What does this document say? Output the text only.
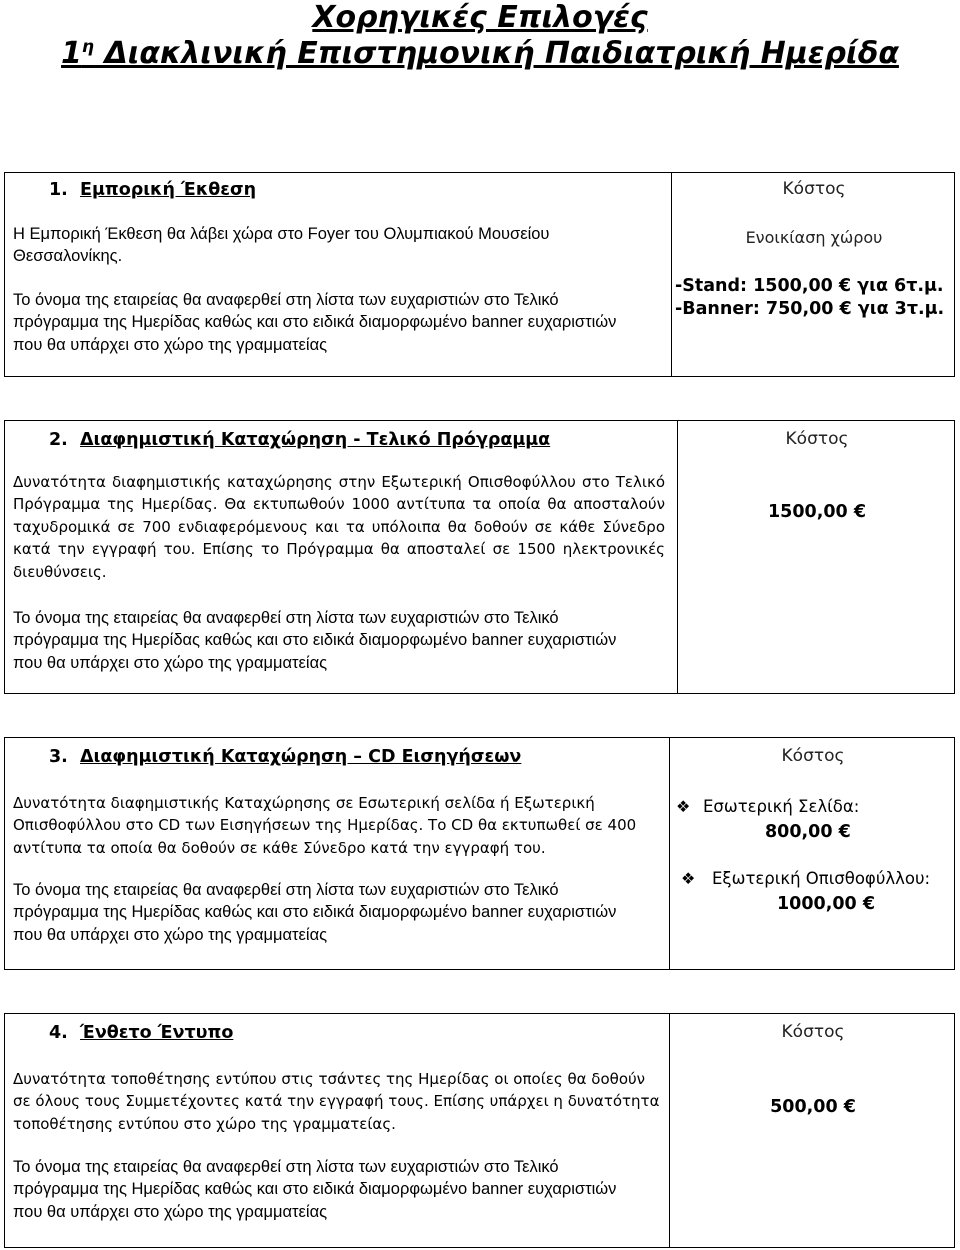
Χορηγικές Επιλογές
$1^\eta$ Διακλινική Επιστημονική Παιδιατρική Ημερίδα
1. Εμπορική Έκθεση
Η Εμπορική Έκθεση θα λάβει χώρα στο Foyer του Ολυμπιακού Μουσείου Θεσσαλονίκης.
Το όνομα της εταιρείας θα αναφερθεί στη λίστα των ευχαριστιών στο Τελικό πρόγραμμα της Ημερίδας καθώς και στο ειδικά διαμορφωμένο banner ευχαριστιών που θα υπάρχει στο χώρο της γραμματείας
Κόστος
Ενοικίαση χώρου
-Stand: 1500,00 € για 6τ.μ.
-Banner: 750,00 € για 3τ.μ.
2. Διαφημιστική Καταχώρηση - Τελικό Πρόγραμμα
Δυνατότητα διαφημιστικής καταχώρησης στην Εξωτερική Οπισθοφύλλου στο Τελικό Πρόγραμμα της Ημερίδας. Θα εκτυπωθούν 1000 αντίτυπα τα οποία θα αποσταλούν ταχυδρομικά σε 700 ενδιαφερόμενους και τα υπόλοιπα θα δοθούν σε κάθε Σύνεδρο κατά την εγγραφή του. Επίσης το Πρόγραμμα θα αποσταλεί σε 1500 ηλεκτρονικές διευθύνσεις.
Το όνομα της εταιρείας θα αναφερθεί στη λίστα των ευχαριστιών στο Τελικό πρόγραμμα της Ημερίδας καθώς και στο ειδικά διαμορφωμένο banner ευχαριστιών που θα υπάρχει στο χώρο της γραμματείας
Κόστος
1500,00 €
3. Διαφημιστική Καταχώρηση – CD Εισηγήσεων
Δυνατότητα διαφημιστικής Καταχώρησης σε Εσωτερική σελίδα ή Εξωτερική Οπισθοφύλλου στο CD των Εισηγήσεων της Ημερίδας. Το CD θα εκτυπωθεί σε 400 αντίτυπα τα οποία θα δοθούν σε κάθε Σύνεδρο κατά την εγγραφή του.
Το όνομα της εταιρείας θα αναφερθεί στη λίστα των ευχαριστιών στο Τελικό πρόγραμμα της Ημερίδας καθώς και στο ειδικά διαμορφωμένο banner ευχαριστιών που θα υπάρχει στο χώρο της γραμματείας
Κόστος
❖ Εσωτερική Σελίδα:
800,00 €
❖ Εξωτερική Οπισθοφύλλου:
1000,00 €
4. Ένθετο Έντυπο
Δυνατότητα τοποθέτησης εντύπου στις τσάντες της Ημερίδας οι οποίες θα δοθούν σε όλους τους Συμμετέχοντες κατά την εγγραφή τους. Επίσης υπάρχει η δυνατότητα τοποθέτησης εντύπου στο χώρο της γραμματείας.
Το όνομα της εταιρείας θα αναφερθεί στη λίστα των ευχαριστιών στο Τελικό πρόγραμμα της Ημερίδας καθώς και στο ειδικά διαμορφωμένο banner ευχαριστιών που θα υπάρχει στο χώρο της γραμματείας
Κόστος
500,00 €
